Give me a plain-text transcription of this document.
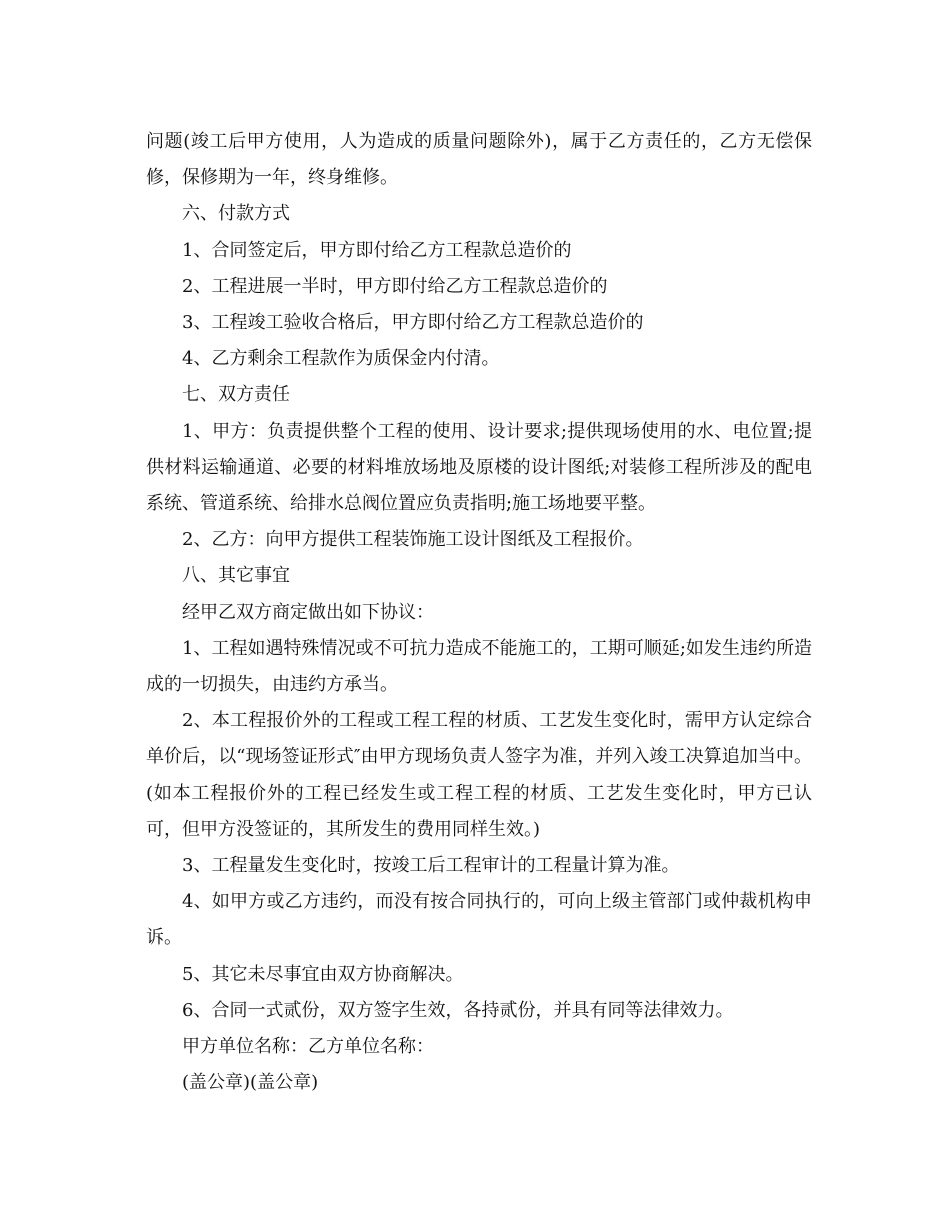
问题(竣工后甲方使用，人为造成的质量问题除外)，属于乙方责任的，乙方无偿保修，保修期为一年，终身维修。

六、付款方式

1、合同签定后，甲方即付给乙方工程款总造价的

2、工程进展一半时，甲方即付给乙方工程款总造价的

3、工程竣工验收合格后，甲方即付给乙方工程款总造价的

4、乙方剩余工程款作为质保金内付清。

七、双方责任

1、甲方：负责提供整个工程的使用、设计要求;提供现场使用的水、电位置;提供材料运输通道、必要的材料堆放场地及原楼的设计图纸;对装修工程所涉及的配电系统、管道系统、给排水总阀位置应负责指明;施工场地要平整。

2、乙方：向甲方提供工程装饰施工设计图纸及工程报价。

八、其它事宜

经甲乙双方商定做出如下协议：

1、工程如遇特殊情况或不可抗力造成不能施工的，工期可顺延;如发生违约所造成的一切损失，由违约方承当。

2、本工程报价外的工程或工程工程的材质、工艺发生变化时，需甲方认定综合单价后，以“现场签证形式″由甲方现场负责人签字为准，并列入竣工决算追加当中。(如本工程报价外的工程已经发生或工程工程的材质、工艺发生变化时，甲方已认可，但甲方没签证的，其所发生的费用同样生效。)

3、工程量发生变化时，按竣工后工程审计的工程量计算为准。

4、如甲方或乙方违约，而没有按合同执行的，可向上级主管部门或仲裁机构申诉。

5、其它未尽事宜由双方协商解决。

6、合同一式贰份，双方签字生效，各持贰份，并具有同等法律效力。

甲方单位名称：乙方单位名称：

(盖公章)(盖公章)
